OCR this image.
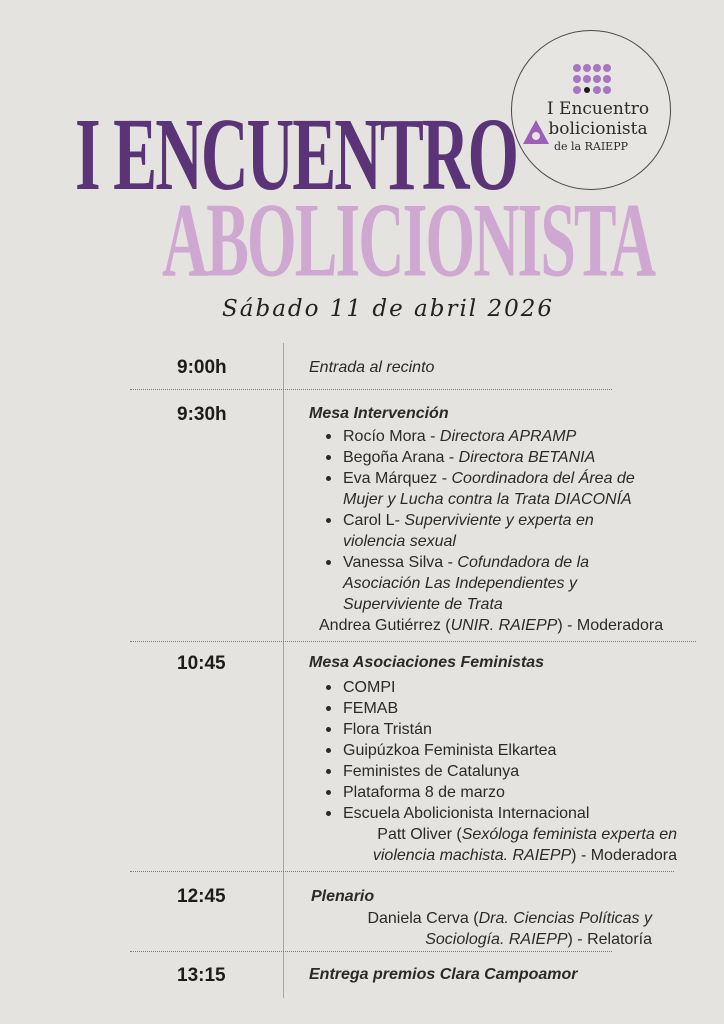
I Encuentro
bolicionista
de la RAIEPP
I ENCUENTRO
ABOLICIONISTA
Sábado 11 de abril 2026
9:00h	Entrada al recinto
9:30h	Mesa Intervención
Rocío Mora - Directora APRAMP
Begoña Arana - Directora BETANIA
Eva Márquez - Coordinadora del Área de
Mujer y Lucha contra la Trata DIACONÍA
Carol L- Superviviente y experta en
violencia sexual
Vanessa Silva - Cofundadora de la
Asociación Las Independientes y
Superviviente de Trata
Andrea Gutiérrez (UNIR. RAIEPP) - Moderadora
10:45	Mesa Asociaciones Feministas
COMPI
FEMAB
Flora Tristán
Guipúzkoa Feminista Elkartea
Feministes de Catalunya
Plataforma 8 de marzo
Escuela Abolicionista Internacional
Patt Oliver (Sexóloga feminista experta en
violencia machista. RAIEPP) - Moderadora
12:45	Plenario
Daniela Cerva (Dra. Ciencias Políticas y
Sociología. RAIEPP) - Relatoría
13:15	Entrega premios Clara Campoamor
